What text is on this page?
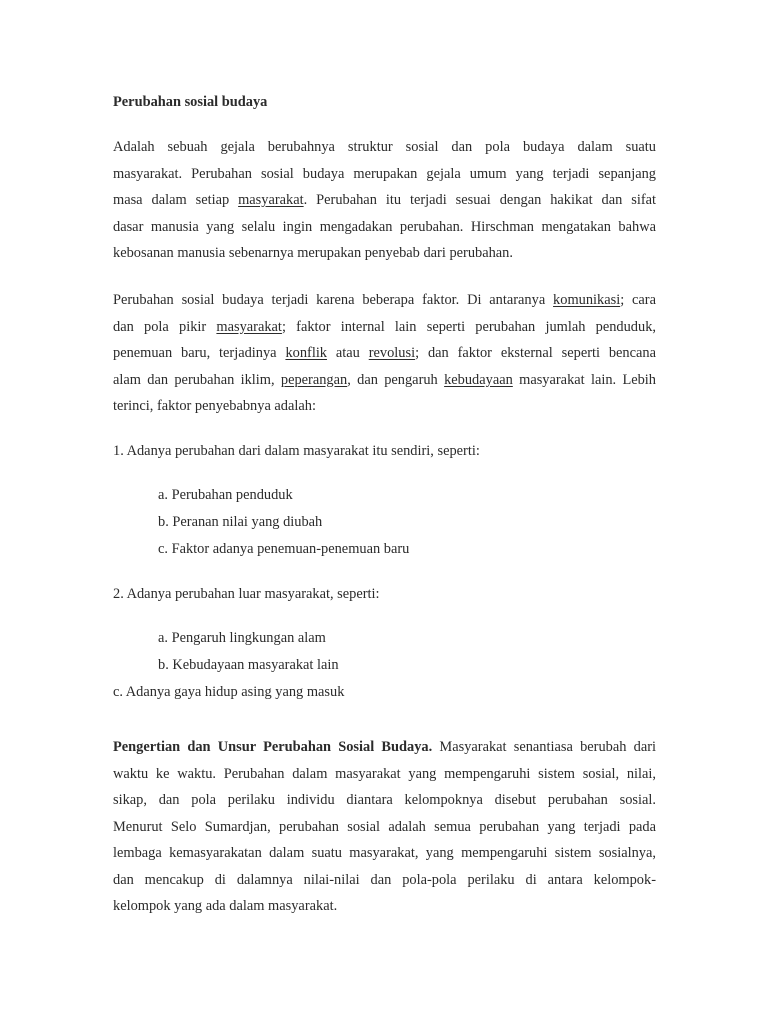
Perubahan sosial budaya
Adalah sebuah gejala berubahnya struktur sosial dan pola budaya dalam suatu
masyarakat. Perubahan sosial budaya merupakan gejala umum yang terjadi sepanjang
masa dalam setiap masyarakat. Perubahan itu terjadi sesuai dengan hakikat dan sifat
dasar manusia yang selalu ingin mengadakan perubahan. Hirschman mengatakan bahwa
kebosanan manusia sebenarnya merupakan penyebab dari perubahan.
Perubahan sosial budaya terjadi karena beberapa faktor. Di antaranya komunikasi; cara
dan pola pikir masyarakat; faktor internal lain seperti perubahan jumlah penduduk,
penemuan baru, terjadinya konflik atau revolusi; dan faktor eksternal seperti bencana
alam dan perubahan iklim, peperangan, dan pengaruh kebudayaan masyarakat lain. Lebih
terinci, faktor penyebabnya adalah:

1. Adanya perubahan dari dalam masyarakat itu sendiri, seperti:

a. Perubahan penduduk

b. Peranan nilai yang diubah

c. Faktor adanya penemuan-penemuan baru

2. Adanya perubahan luar masyarakat, seperti:

a. Pengaruh lingkungan alam

b. Kebudayaan masyarakat lain

c. Adanya gaya hidup asing yang masuk

Pengertian dan Unsur Perubahan Sosial Budaya. Masyarakat senantiasa berubah dari
waktu ke waktu. Perubahan dalam masyarakat yang mempengaruhi sistem sosial, nilai,
sikap, dan pola perilaku individu diantara kelompoknya disebut perubahan sosial.
Menurut Selo Sumardjan, perubahan sosial adalah semua perubahan yang terjadi pada
lembaga kemasyarakatan dalam suatu masyarakat, yang mempengaruhi sistem sosialnya,
dan mencakup di dalamnya nilai-nilai dan pola-pola perilaku di antara kelompok-
kelompok yang ada dalam masyarakat.
